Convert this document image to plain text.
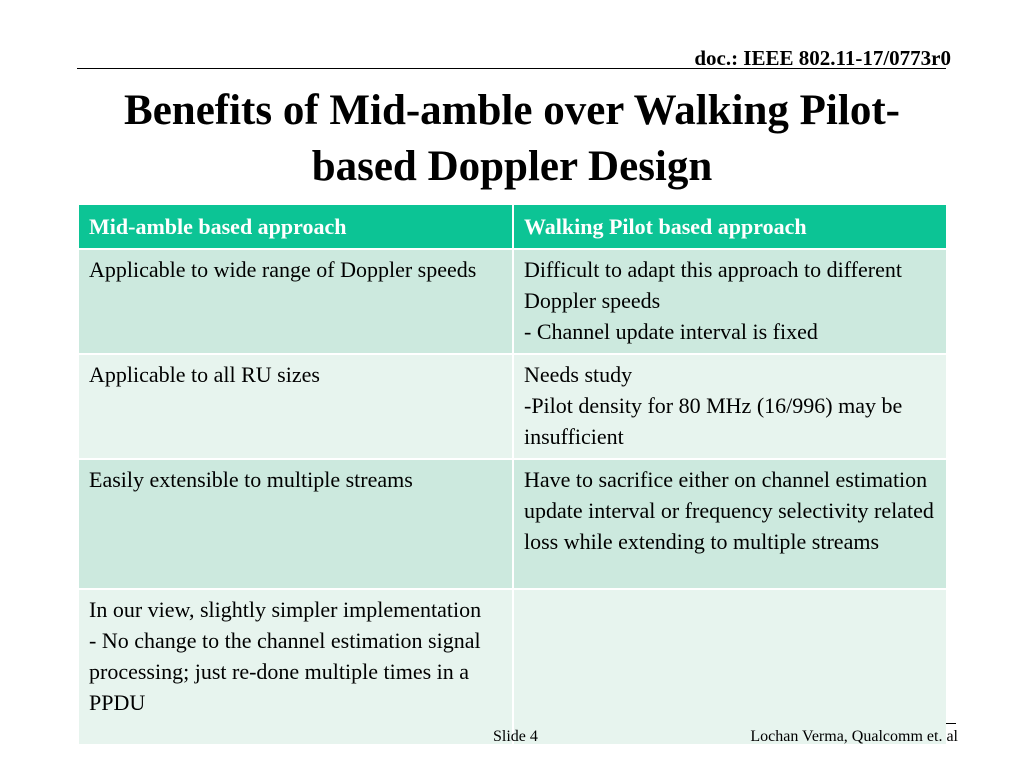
doc.: IEEE 802.11-17/0773r0
Benefits of Mid-amble over Walking Pilot-
based Doppler Design
Mid-amble based approach	Walking Pilot based approach

Applicable to wide range of Doppler speeds	Difficult to adapt this approach to different Doppler speeds
- Channel update interval is fixed

Applicable to all RU sizes	Needs study
-Pilot density for 80 MHz (16/996) may be insufficient

Easily extensible to multiple streams	Have to sacrifice either on channel estimation update interval or frequency selectivity related loss while extending to multiple streams

In our view, slightly simpler implementation
- No change to the channel estimation signal processing; just re-done multiple times in a PPDU	

Slide 4	Lochan Verma, Qualcomm et. al
